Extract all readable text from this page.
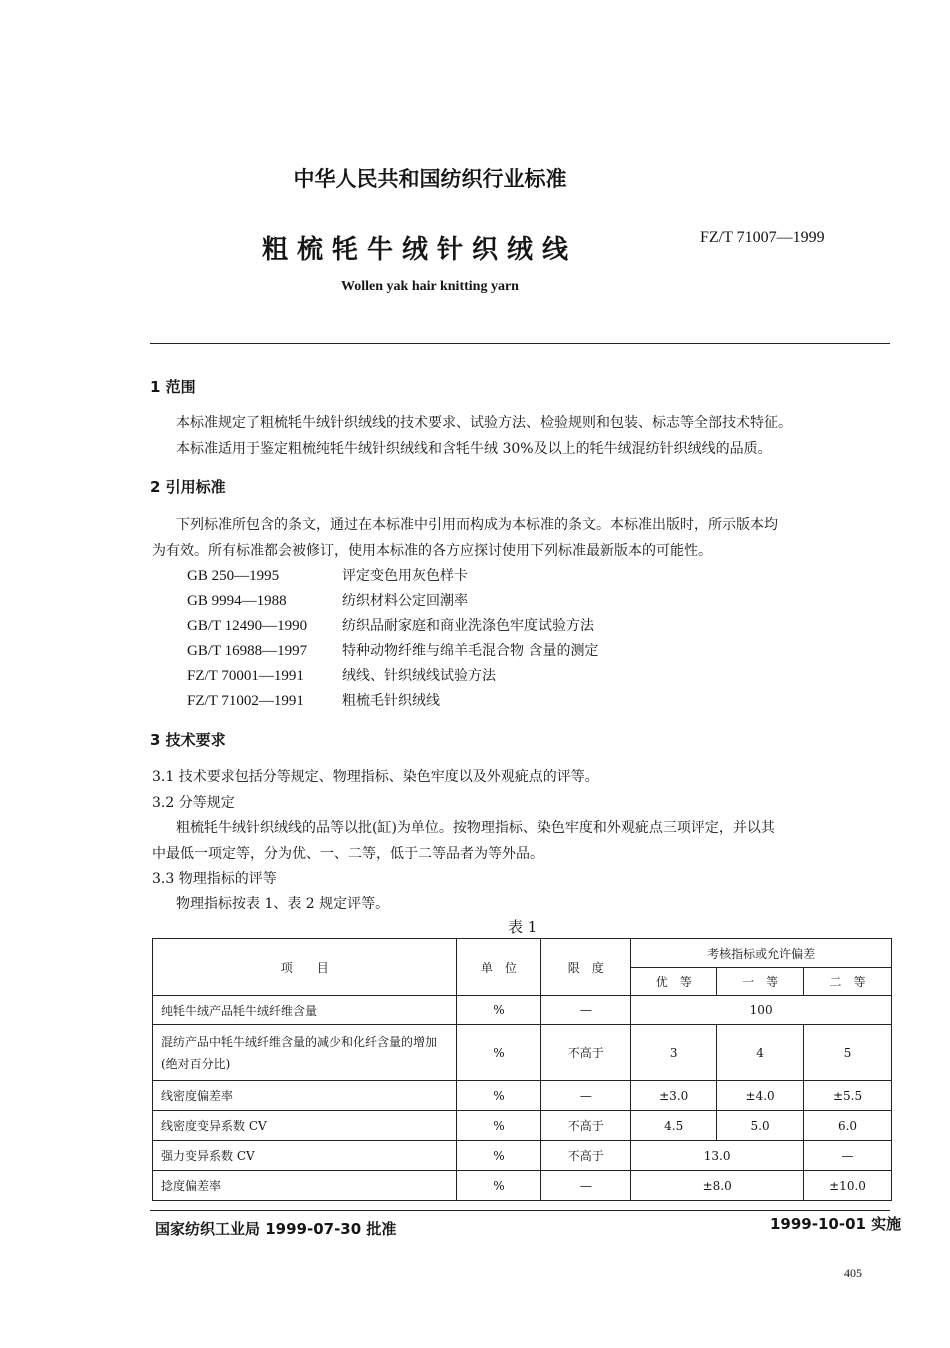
中华人民共和国纺织行业标准
粗梳牦牛绒针织绒线	FZ/T 71007—1999
Wollen yak hair knitting yarn
1 范围
本标准规定了粗梳牦牛绒针织绒线的技术要求、试验方法、检验规则和包装、标志等全部技术特征。
本标准适用于鉴定粗梳纯牦牛绒针织绒线和含牦牛绒 30%及以上的牦牛绒混纺针织绒线的品质。
2 引用标准
下列标准所包含的条文，通过在本标准中引用而构成为本标准的条文。本标准出版时，所示版本均
为有效。所有标准都会被修订，使用本标准的各方应探讨使用下列标准最新版本的可能性。
GB 250—1995	评定变色用灰色样卡
GB 9994—1988	纺织材料公定回潮率
GB/T 12490—1990 纺织品耐家庭和商业洗涤色牢度试验方法
GB/T 16988—1997 特种动物纤维与绵羊毛混合物 含量的测定
FZ/T 70001—1991	绒线、针织绒线试验方法
FZ/T 71002—1991	粗梳毛针织绒线
3 技术要求
3.1 技术要求包括分等规定、物理指标、染色牢度以及外观疵点的评等。
3.2 分等规定
粗梳牦牛绒针织绒线的品等以批(缸)为单位。按物理指标、染色牢度和外观疵点三项评定，并以其
中最低一项定等，分为优、一、二等，低于二等品者为等外品。
3.3 物理指标的评等
物理指标按表 1、表 2 规定评等。
表 1
项　　目	单　位	限　度	考核指标或允许偏差		
			优　等	一　等	二　等
纯牦牛绒产品牦牛绒纤维含量	%	—	100		
混纺产品中牦牛绒纤维含量的减少和化纤含量的增加(绝对百分比)	%	不高于	3	4	5
线密度偏差率	%	—	±3.0	±4.0	±5.5
线密度变异系数 CV	%	不高于	4.5	5.0	6.0
强力变异系数 CV	%	不高于	13.0		—
捻度偏差率	%	—	±8.0		±10.0
国家纺织工业局 1999-07-30 批准	1999-10-01 实施
405
